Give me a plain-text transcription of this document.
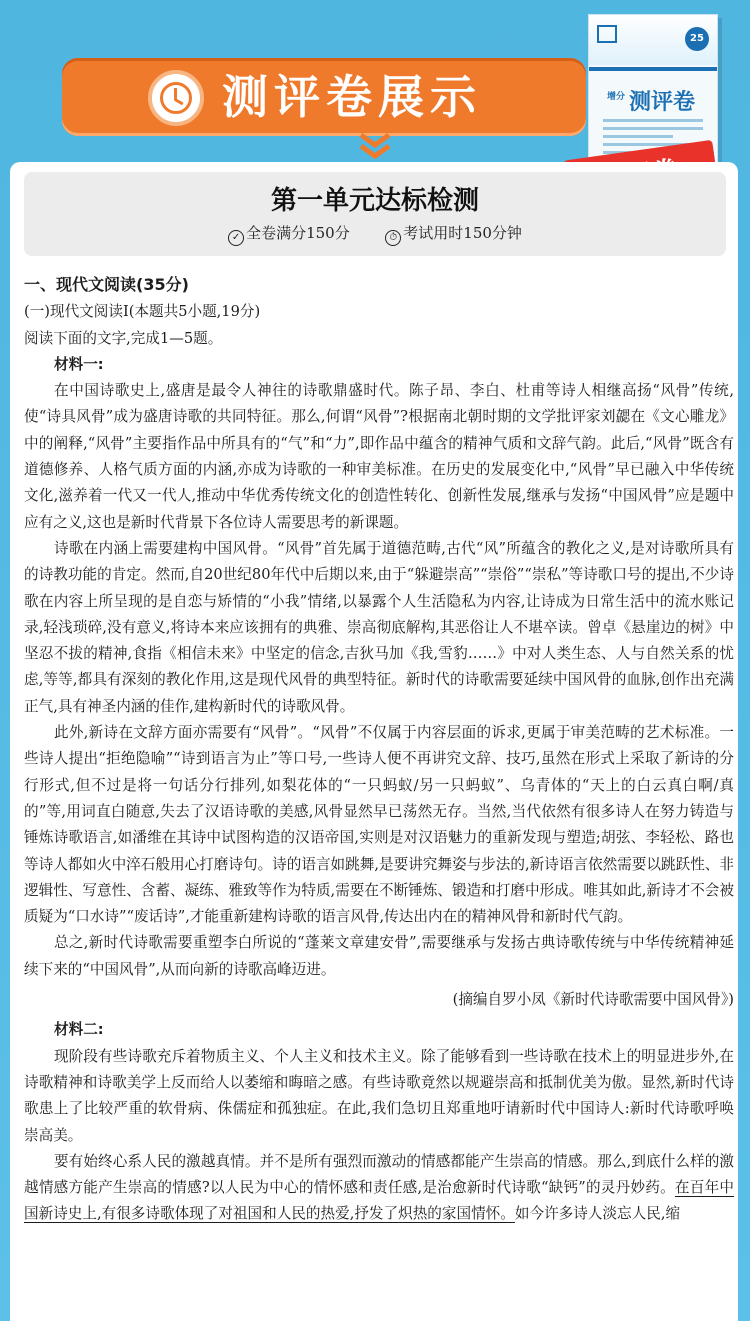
测评卷展示
25
增分 测评卷
第一单元达标检测
✓ 全卷满分150分	⏱ 考试用时150分钟
一、现代文阅读(35分)

(一)现代文阅读Ⅰ(本题共5小题,19分)

阅读下面的文字,完成1—5题。

材料一:

在中国诗歌史上,盛唐是最令人神往的诗歌鼎盛时代。陈子昂、李白、杜甫等诗人相继高扬“风骨”传统,使“诗具风骨”成为盛唐诗歌的共同特征。那么,何谓“风骨”?根据南北朝时期的文学批评家刘勰在《文心雕龙》中的阐释,“风骨”主要指作品中所具有的“气”和“力”,即作品中蕴含的精神气质和文辞气韵。此后,“风骨”既含有道德修养、人格气质方面的内涵,亦成为诗歌的一种审美标准。在历史的发展变化中,“风骨”早已融入中华传统文化,滋养着一代又一代人,推动中华优秀传统文化的创造性转化、创新性发展,继承与发扬“中国风骨”应是题中应有之义,这也是新时代背景下各位诗人需要思考的新课题。

诗歌在内涵上需要建构中国风骨。“风骨”首先属于道德范畴,古代“风”所蕴含的教化之义,是对诗歌所具有的诗教功能的肯定。然而,自20世纪80年代中后期以来,由于“躲避崇高”“崇俗”“崇私”等诗歌口号的提出,不少诗歌在内容上所呈现的是自恋与矫情的“小我”情绪,以暴露个人生活隐私为内容,让诗成为日常生活中的流水账记录,轻浅琐碎,没有意义,将诗本来应该拥有的典雅、崇高彻底解构,其恶俗让人不堪卒读。曾卓《悬崖边的树》中坚忍不拔的精神,食指《相信未来》中坚定的信念,吉狄马加《我,雪豹……》中对人类生态、人与自然关系的忧虑,等等,都具有深刻的教化作用,这是现代风骨的典型特征。新时代的诗歌需要延续中国风骨的血脉,创作出充满正气,具有神圣内涵的佳作,建构新时代的诗歌风骨。

此外,新诗在文辞方面亦需要有“风骨”。“风骨”不仅属于内容层面的诉求,更属于审美范畴的艺术标准。一些诗人提出“拒绝隐喻”“诗到语言为止”等口号,一些诗人便不再讲究文辞、技巧,虽然在形式上采取了新诗的分行形式,但不过是将一句话分行排列,如梨花体的“一只蚂蚁/另一只蚂蚁”、乌青体的“天上的白云真白啊/真的”等,用词直白随意,失去了汉语诗歌的美感,风骨显然早已荡然无存。当然,当代依然有很多诗人在努力铸造与锤炼诗歌语言,如潘维在其诗中试图构造的汉语帝国,实则是对汉语魅力的重新发现与塑造;胡弦、李轻松、路也等诗人都如火中淬石般用心打磨诗句。诗的语言如跳舞,是要讲究舞姿与步法的,新诗语言依然需要以跳跃性、非逻辑性、写意性、含蓄、凝练、雅致等作为特质,需要在不断锤炼、锻造和打磨中形成。唯其如此,新诗才不会被质疑为“口水诗”“废话诗”,才能重新建构诗歌的语言风骨,传达出内在的精神风骨和新时代气韵。

总之,新时代诗歌需要重塑李白所说的“蓬莱文章建安骨”,需要继承与发扬古典诗歌传统与中华传统精神延续下来的“中国风骨”,从而向新的诗歌高峰迈进。

(摘编自罗小凤《新时代诗歌需要中国风骨》)

材料二:

现阶段有些诗歌充斥着物质主义、个人主义和技术主义。除了能够看到一些诗歌在技术上的明显进步外,在诗歌精神和诗歌美学上反而给人以萎缩和晦暗之感。有些诗歌竟然以规避崇高和抵制优美为傲。显然,新时代诗歌患上了比较严重的软骨病、侏儒症和孤独症。在此,我们急切且郑重地吁请新时代中国诗人:新时代诗歌呼唤崇高美。

要有始终心系人民的激越真情。并不是所有强烈而激动的情感都能产生崇高的情感。那么,到底什么样的激越情感方能产生崇高的情感?以人民为中心的情怀感和责任感,是治愈新时代诗歌“缺钙”的灵丹妙药。在百年中国新诗史上,有很多诗歌体现了对祖国和人民的热爱,抒发了炽热的家国情怀。如今许多诗人淡忘人民,缩
